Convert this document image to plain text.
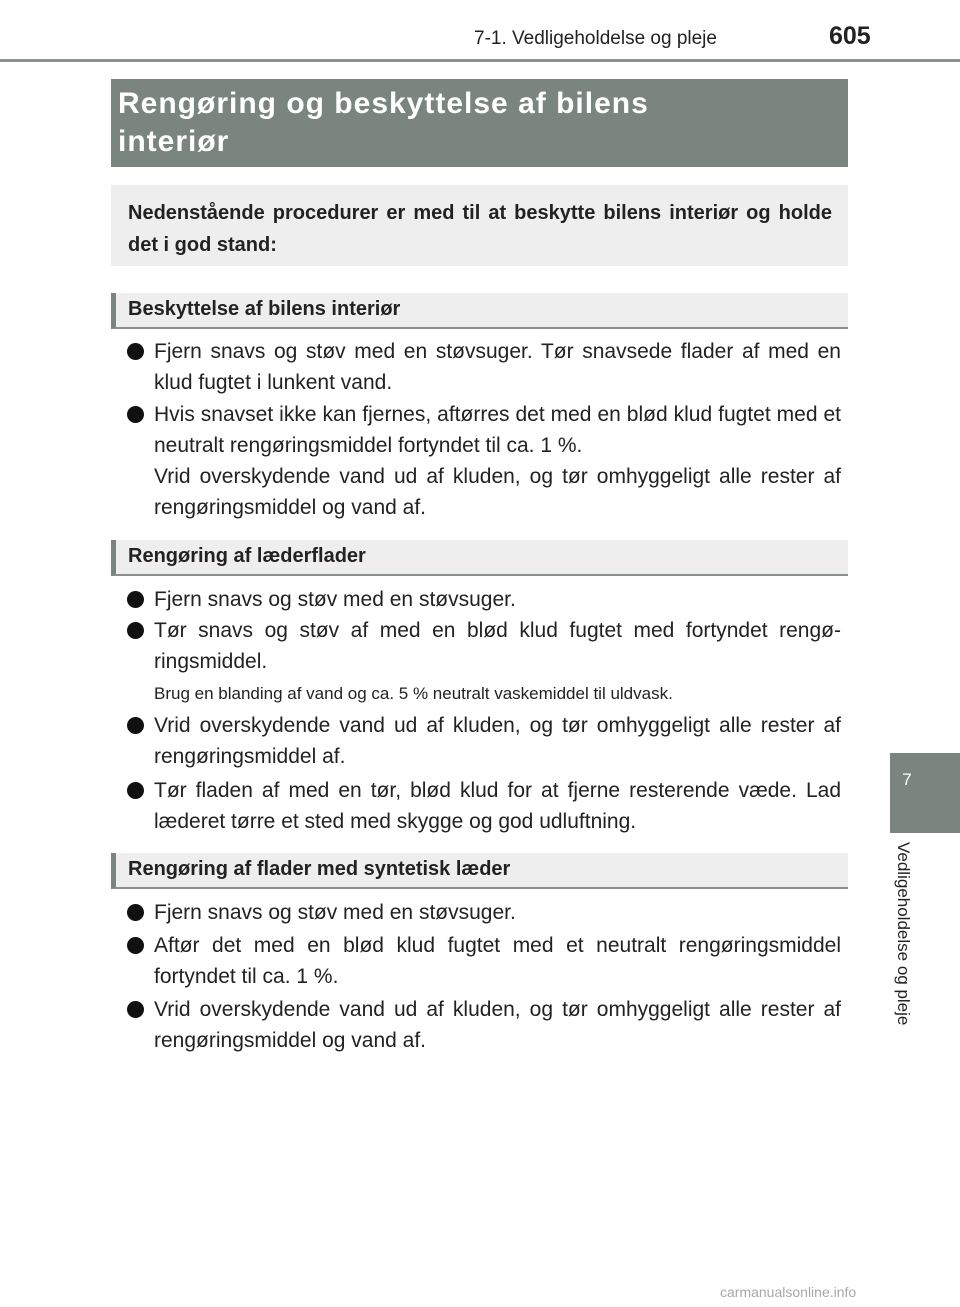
7-1. Vedligeholdelse og pleje	605
7
Vedligeholdelse og pleje
Rengøring og beskyttelse af bilens
interiør

Nedenstående procedurer er med til at beskytte bilens interiør og holde det i god stand:

Beskyttelse af bilens interiør
Fjern snavs og støv med en støvsuger. Tør snavsede flader af med en klud fugtet i lunkent vand.
Hvis snavset ikke kan fjernes, aftørres det med en blød klud fugtet med et neutralt rengøringsmiddel fortyndet til ca. 1 %.
Vrid overskydende vand ud af kluden, og tør omhyggeligt alle rester af rengøringsmiddel og vand af.
Rengøring af læderflader
Fjern snavs og støv med en støvsuger.
Tør snavs og støv af med en blød klud fugtet med fortyndet rengø-ringsmiddel.
Brug en blanding af vand og ca. 5 % neutralt vaskemiddel til uldvask.
Vrid overskydende vand ud af kluden, og tør omhyggeligt alle rester af rengøringsmiddel af.
Tør fladen af med en tør, blød klud for at fjerne resterende væde. Lad læderet tørre et sted med skygge og god udluftning.
Rengøring af flader med syntetisk læder
Fjern snavs og støv med en støvsuger.
Aftør det med en blød klud fugtet med et neutralt rengøringsmiddel fortyndet til ca. 1 %.
Vrid overskydende vand ud af kluden, og tør omhyggeligt alle rester af rengøringsmiddel og vand af.
carmanualsonline.info
